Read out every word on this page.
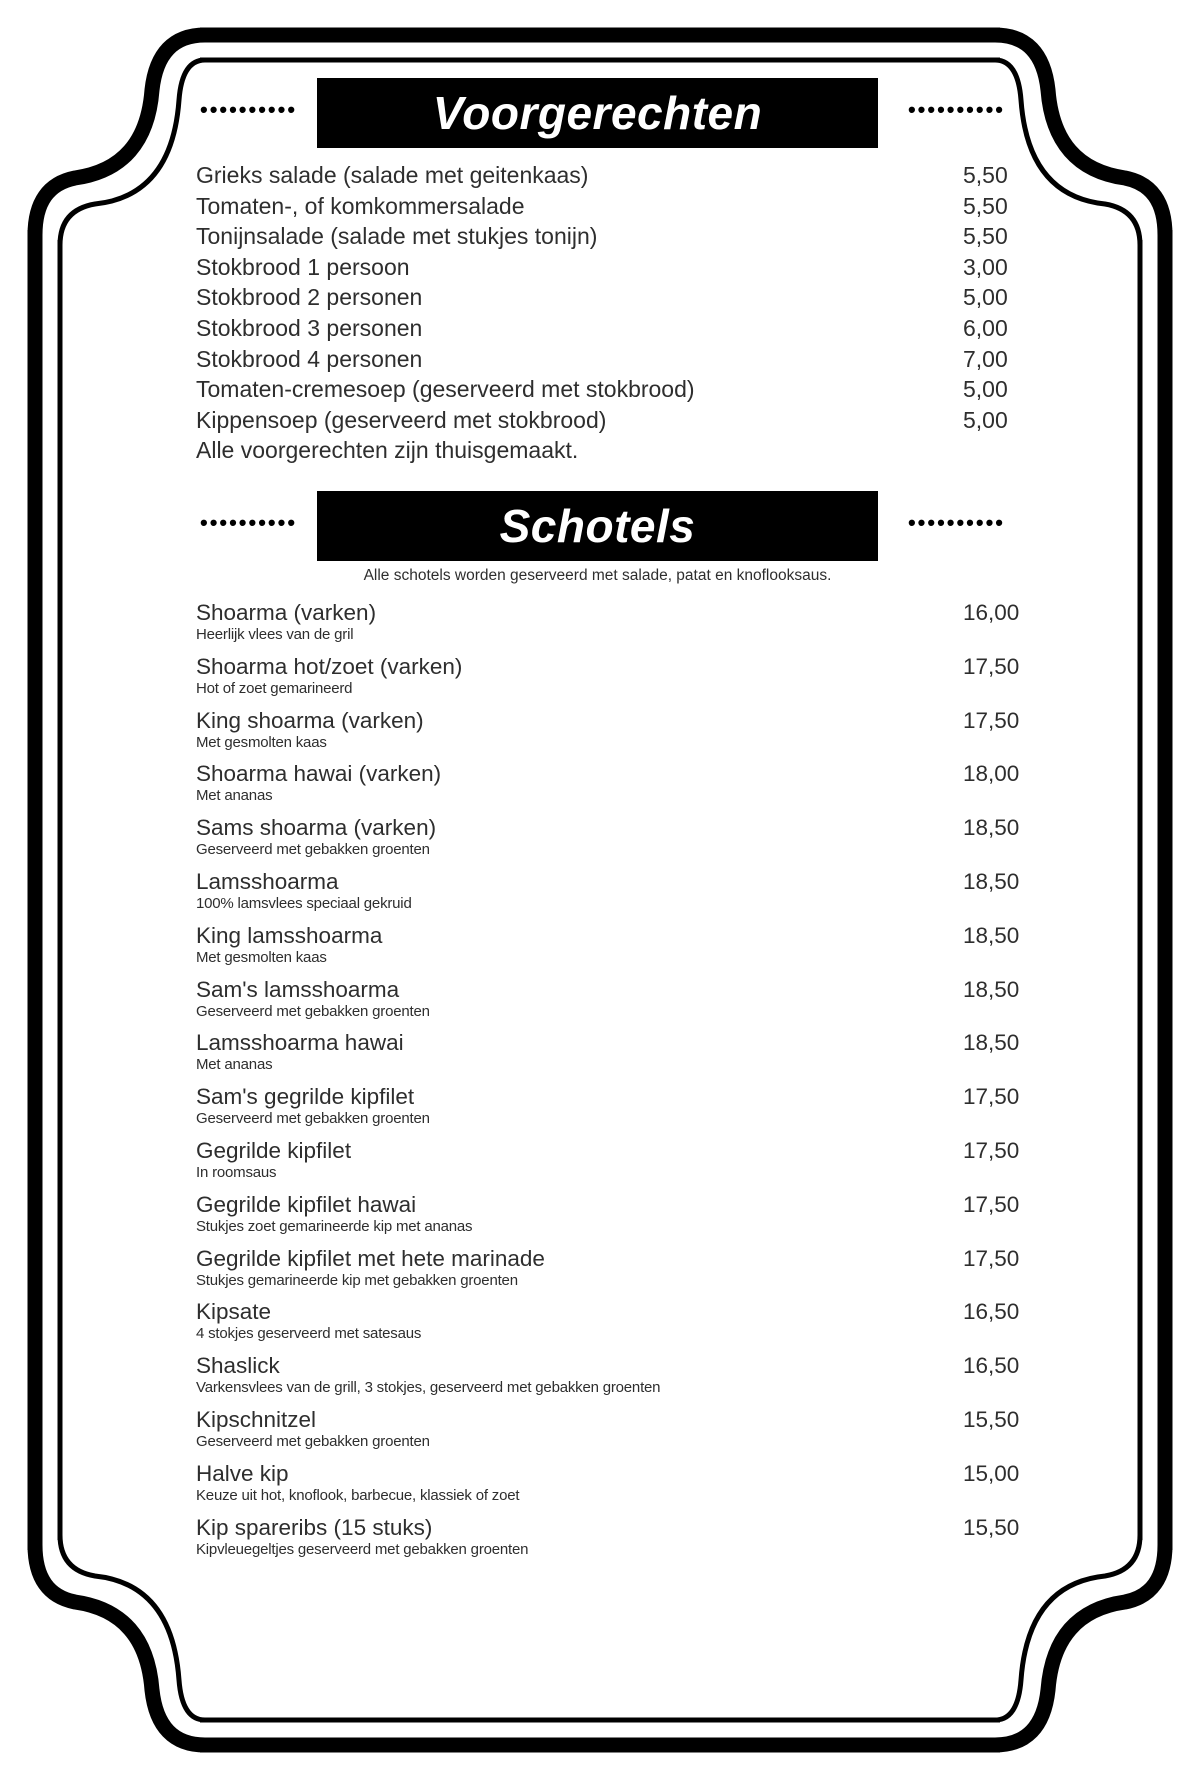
••••••••••	Voorgerechten	••••••••••
Grieks salade (salade met geitenkaas)	5,50
Tomaten-, of komkommersalade	5,50
Tonijnsalade (salade met stukjes tonijn)	5,50
Stokbrood 1 persoon	3,00
Stokbrood 2 personen	5,00
Stokbrood 3 personen	6,00
Stokbrood 4 personen	7,00
Tomaten-cremesoep (geserveerd met stokbrood)	5,00
Kippensoep (geserveerd met stokbrood)	5,00
Alle voorgerechten zijn thuisgemaakt.
••••••••••	Schotels	••••••••••
Alle schotels worden geserveerd met salade, patat en knoflooksaus.
Shoarma (varken)
Heerlijk vlees van de gril
16,00
Shoarma hot/zoet (varken)
Hot of zoet gemarineerd
17,50
King shoarma (varken)
Met gesmolten kaas
17,50
Shoarma hawai (varken)
Met ananas
18,00
Sams shoarma (varken)
Geserveerd met gebakken groenten
18,50
Lamsshoarma
100% lamsvlees speciaal gekruid
18,50
King lamsshoarma
Met gesmolten kaas
18,50
Sam's lamsshoarma
Geserveerd met gebakken groenten
18,50
Lamsshoarma hawai
Met ananas
18,50
Sam's gegrilde kipfilet
Geserveerd met gebakken groenten
17,50
Gegrilde kipfilet
In roomsaus
17,50
Gegrilde kipfilet hawai
Stukjes zoet gemarineerde kip met ananas
17,50
Gegrilde kipfilet met hete marinade
Stukjes gemarineerde kip met gebakken groenten
17,50
Kipsate
4 stokjes geserveerd met satesaus
16,50
Shaslick
Varkensvlees van de grill, 3 stokjes, geserveerd met gebakken groenten
16,50
Kipschnitzel
Geserveerd met gebakken groenten
15,50
Halve kip
Keuze uit hot, knoflook, barbecue, klassiek of zoet
15,00
Kip spareribs (15 stuks)
Kipvleuegeltjes geserveerd met gebakken groenten
15,50
